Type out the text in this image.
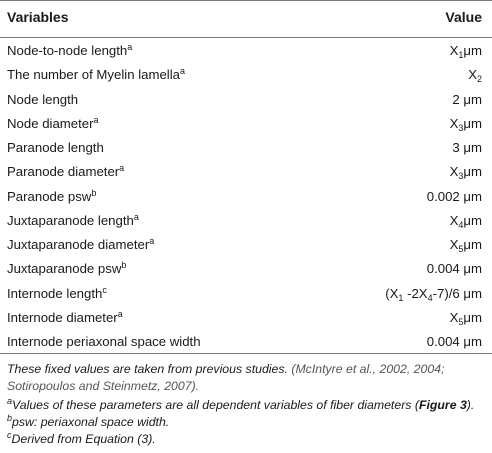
Variables	Value
Node-to-node length$^a$	$X_1\mu m$
The number of Myelin lamella$^a$	$X_2$
Node length	2 μm
Node diameter$^a$	$X_3\mu m$
Paranode length	3 μm
Paranode diameter$^a$	$X_3\mu m$
Paranode psw$^b$	0.002 μm
Juxtaparanode length$^a$	$X_4\mu m$
Juxtaparanode diameter$^a$	$X_5\mu m$
Juxtaparanode psw$^b$	0.004 μm
Internode length$^c$	($X_1$ $-2X_4-7)/6$ μm
Internode diameter$^a$	$X_5\mu m$
Internode periaxonal space width	0.004 μm

These fixed values are taken from previous studies. (McIntyre et al., 2002, 2004; Sotiropoulos and Steinmetz, 2007).

$^a$Values of these parameters are all dependent variables of fiber diameters (Figure 3).

$^b$psw: periaxonal space width.

$^c$Derived from Equation (3).
